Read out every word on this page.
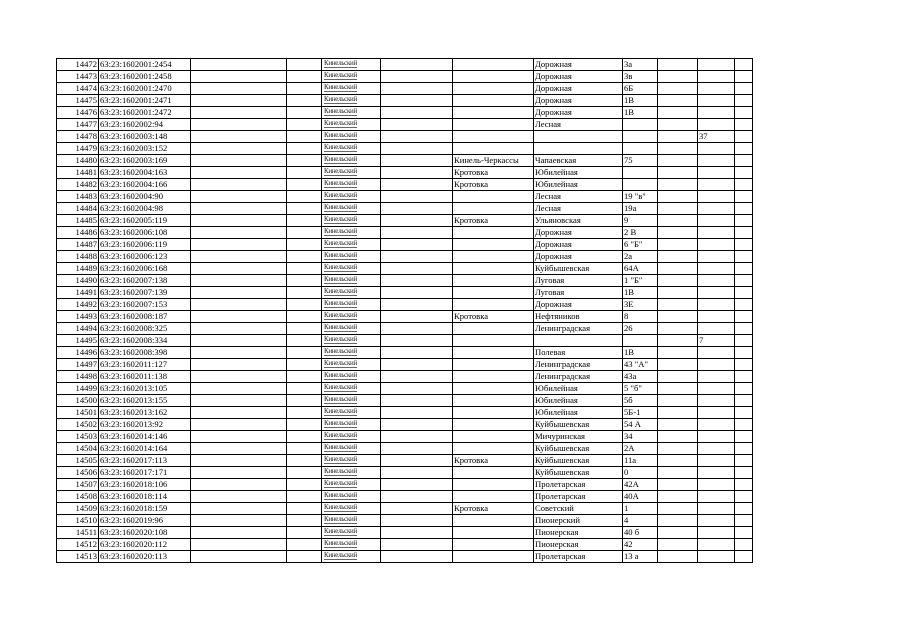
14472	63:23:1602001:2454			Кинельский			Дорожная	3а			
14473	63:23:1602001:2458			Кинельский			Дорожная	3в			
14474	63:23:1602001:2470			Кинельский			Дорожная	6Б			
14475	63:23:1602001:2471			Кинельский			Дорожная	1В			
14476	63:23:1602001:2472			Кинельский			Дорожная	1В			
14477	63:23:1602002:94			Кинельский			Лесная				
14478	63:23:1602003:148			Кинельский						37	
14479	63:23:1602003:152			Кинельский							

14480	63:23:1602003:169			Кинельский		Кинель-Черкассы	Чапаевская	75			
14481	63:23:1602004:163			Кинельский		Кротовка	Юбилейная				
14482	63:23:1602004:166			Кинельский		Кротовка	Юбилейная				
14483	63:23:1602004:90			Кинельский			Лесная	19 "в"			
14484	63:23:1602004:98			Кинельский			Лесная	19а			
14485	63:23:1602005:119			Кинельский		Кротовка	Ульяновская	9			
14486	63:23:1602006:108			Кинельский			Дорожная	2 В			
14487	63:23:1602006:119			Кинельский			Дорожная	6 "Б"			
14488	63:23:1602006:123			Кинельский			Дорожная	2а			
14489	63:23:1602006:168			Кинельский			Куйбышевская	64А			
14490	63:23:1602007:138			Кинельский			Луговая	1 "Б"			
14491	63:23:1602007:139			Кинельский			Луговая	1В			
14492	63:23:1602007:153			Кинельский			Дорожная	3Е			
14493	63:23:1602008:187			Кинельский		Кротовка	Нефтяников	8			
14494	63:23:1602008:325			Кинельский			Ленинградская	26			
14495	63:23:1602008:334			Кинельский						7	
14496	63:23:1602008:398			Кинельский			Полевая	1В			
14497	63:23:1602011:127			Кинельский			Ленинградская	43 "А"			
14498	63:23:1602011:138			Кинельский			Ленинградская	43а			
14499	63:23:1602013:105			Кинельский			Юбилейная	5 "б"			
14500	63:23:1602013:155			Кинельский			Юбилейная	5б			
14501	63:23:1602013:162			Кинельский			Юбилейная	5Б-1			
14502	63:23:1602013:92			Кинельский			Куйбышевская	54 А			
14503	63:23:1602014:146			Кинельский			Мичуринская	34			
14504	63:23:1602014:164			Кинельский			Куйбышевская	2А			
14505	63:23:1602017:113			Кинельский		Кротовка	Куйбышевская	11а			
14506	63:23:1602017:171			Кинельский			Куйбышевская	0			
14507	63:23:1602018:106			Кинельский			Пролетарская	42А			
14508	63:23:1602018:114			Кинельский			Пролетарская	40А			
14509	63:23:1602018:159			Кинельский		Кротовка	Советский	1			
14510	63:23:1602019:96			Кинельский			Пионерский	4			
14511	63:23:1602020:108			Кинельский			Пионерская	40 б			
14512	63:23:1602020:112			Кинельский			Пионерская	42			
14513	63:23:1602020:113			Кинельский			Пролетарская	13 а			
